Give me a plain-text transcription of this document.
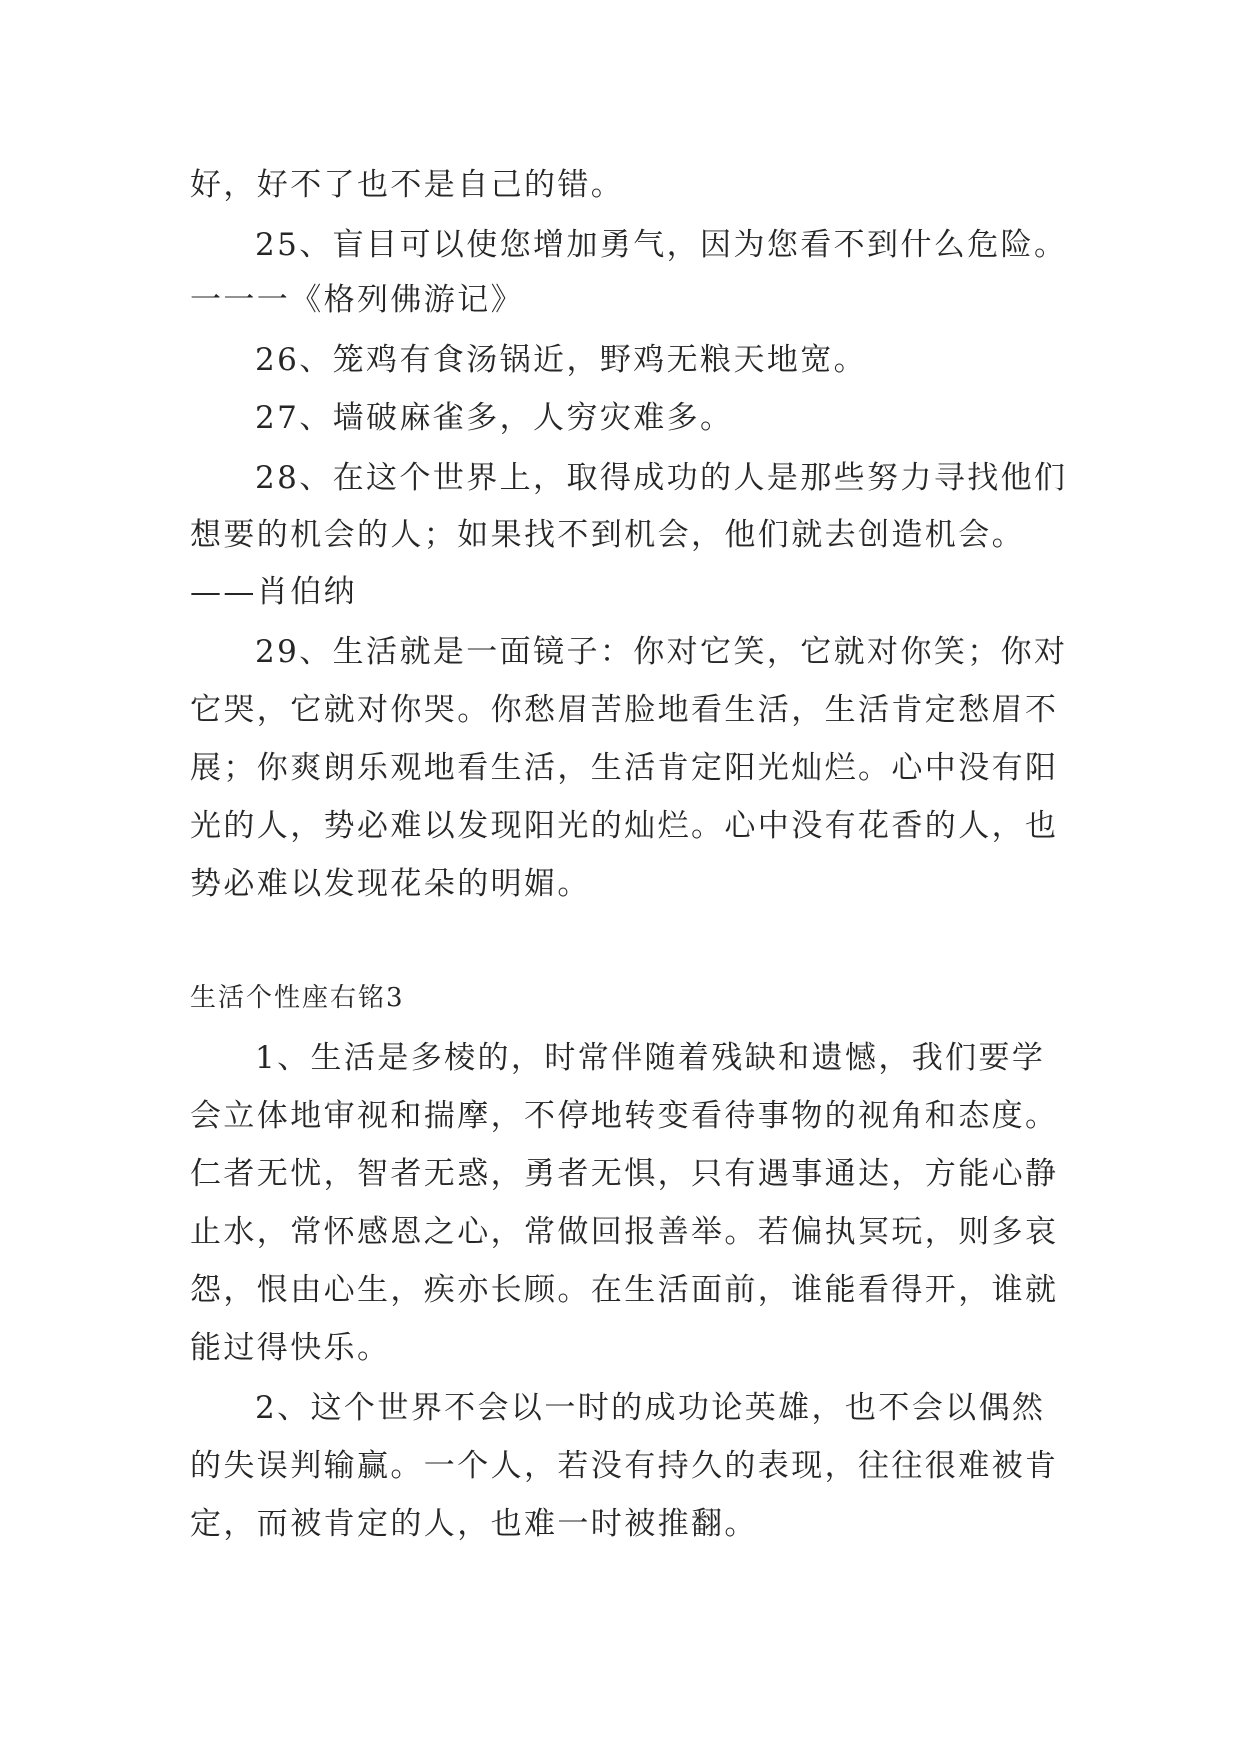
好，好不了也不是自己的错。
25、盲目可以使您增加勇气，因为您看不到什么危险。
一一一《格列佛游记》
26、笼鸡有食汤锅近，野鸡无粮天地宽。
27、墙破麻雀多，人穷灾难多。
28、在这个世界上，取得成功的人是那些努力寻找他们
想要的机会的人；如果找不到机会，他们就去创造机会。
——肖伯纳
29、生活就是一面镜子：你对它笑，它就对你笑；你对
它哭，它就对你哭。你愁眉苦脸地看生活，生活肯定愁眉不
展；你爽朗乐观地看生活，生活肯定阳光灿烂。心中没有阳
光的人，势必难以发现阳光的灿烂。心中没有花香的人，也
势必难以发现花朵的明媚。
生活个性座右铭3
1、生活是多棱的，时常伴随着残缺和遗憾，我们要学
会立体地审视和揣摩，不停地转变看待事物的视角和态度。
仁者无忧，智者无惑，勇者无惧，只有遇事通达，方能心静
止水，常怀感恩之心，常做回报善举。若偏执冥玩，则多哀
怨，恨由心生，疾亦长顾。在生活面前，谁能看得开，谁就
能过得快乐。
2、这个世界不会以一时的成功论英雄，也不会以偶然
的失误判输赢。一个人，若没有持久的表现，往往很难被肯
定，而被肯定的人，也难一时被推翻。
